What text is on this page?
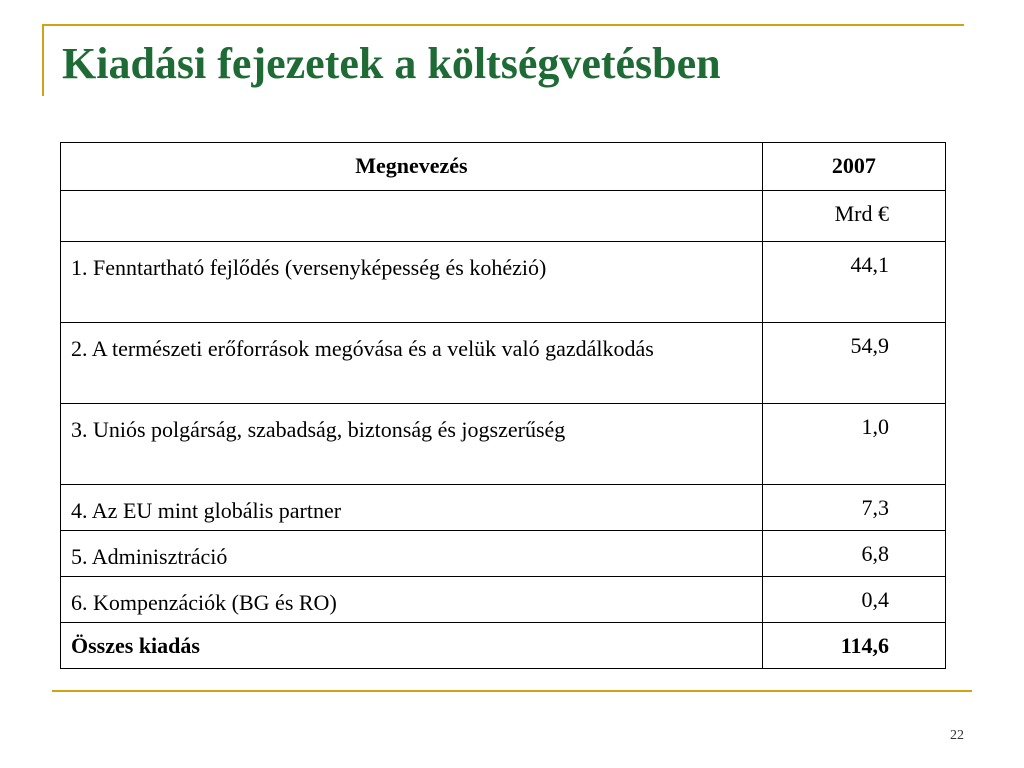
Kiadási fejezetek a költségvetésben
Megnevezés	2007

	Mrd €

1. Fenntartható fejlődés (versenyképesség és kohézió)	44,1

2. A természeti erőforrások megóvása és a velük való gazdálkodás	54,9

3. Uniós polgárság, szabadság, biztonság és jogszerűség	1,0

4. Az EU mint globális partner	7,3

5. Adminisztráció	6,8

6. Kompenzációk (BG és RO)	0,4

Összes kiadás	114,6
22
